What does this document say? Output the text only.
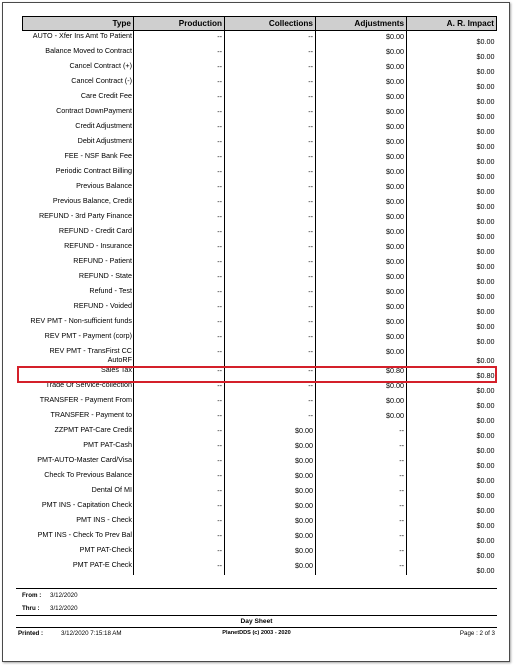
Type	Production	Collections	Adjustments	A. R. Impact
AUTO - Xfer Ins Amt To Patient	--	--	$0.00	$0.00
Balance Moved to Contract	--	--	$0.00	$0.00
Cancel Contract (+)	--	--	$0.00	$0.00
Cancel Contract (-)	--	--	$0.00	$0.00
Care Credit Fee	--	--	$0.00	$0.00
Contract DownPayment	--	--	$0.00	$0.00
Credit Adjustment	--	--	$0.00	$0.00
Debit Adjustment	--	--	$0.00	$0.00
FEE - NSF Bank Fee	--	--	$0.00	$0.00
Periodic Contract Billing	--	--	$0.00	$0.00
Previous Balance	--	--	$0.00	$0.00
Previous Balance, Credit	--	--	$0.00	$0.00
REFUND - 3rd Party Finance	--	--	$0.00	$0.00
REFUND - Credit Card	--	--	$0.00	$0.00
REFUND - Insurance	--	--	$0.00	$0.00
REFUND - Patient	--	--	$0.00	$0.00
REFUND - State	--	--	$0.00	$0.00
Refund - Test	--	--	$0.00	$0.00
REFUND - Voided	--	--	$0.00	$0.00
REV PMT - Non-sufficient funds	--	--	$0.00	$0.00
REV PMT - Payment (corp)	--	--	$0.00	$0.00
REV PMT - TransFirst CC AutoRF	--	--	$0.00	$0.00
Sales Tax	--	--	$0.80	$0.80
Trade Of Service-collection	--	--	$0.00	$0.00
TRANSFER - Payment From	--	--	$0.00	$0.00
TRANSFER - Payment to	--	--	$0.00	$0.00
ZZPMT PAT-Care Credit	--	$0.00	--	$0.00
PMT PAT-Cash	--	$0.00	--	$0.00
PMT-AUTO-Master Card/Visa	--	$0.00	--	$0.00
Check To Previous Balance	--	$0.00	--	$0.00
Dental Of MI	--	$0.00	--	$0.00
PMT INS - Capitation Check	--	$0.00	--	$0.00
PMT INS - Check	--	$0.00	--	$0.00
PMT INS - Check To Prev Bal	--	$0.00	--	$0.00
PMT PAT-Check	--	$0.00	--	$0.00
PMT PAT-E Check	--	$0.00	--	$0.00
From : 3/12/2020
Thru : 3/12/2020
Day Sheet
Printed :	3/12/2020 7:15:18 AM	PlanetDDS (c) 2003 - 2020	Page : 2 of 3
